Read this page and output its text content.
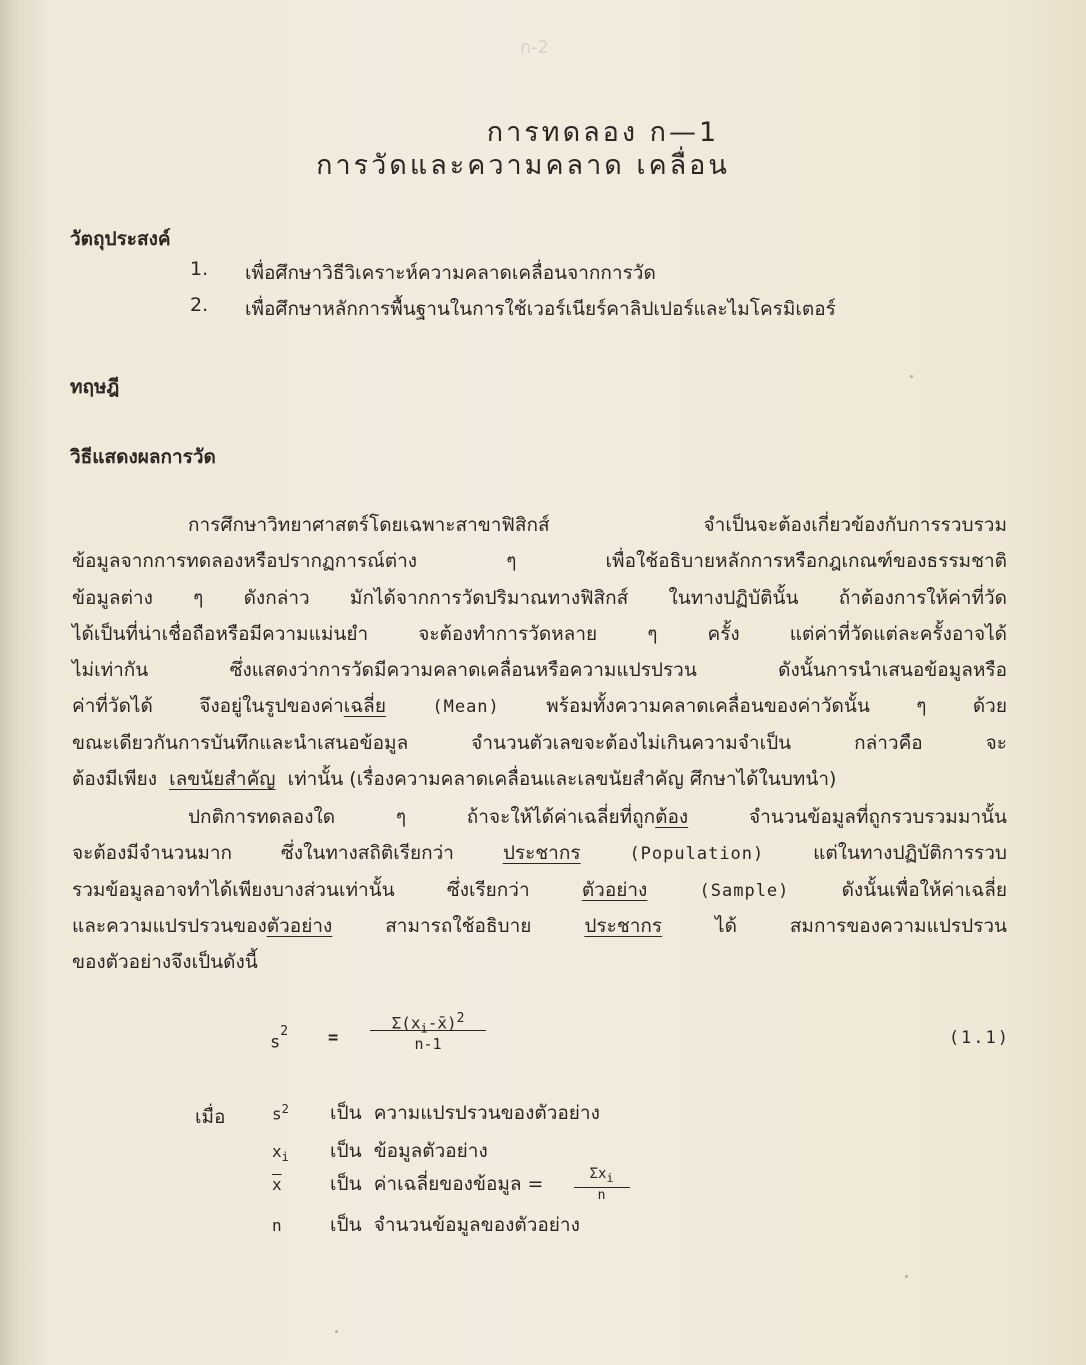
ก-2
การทดลอง ก—1
การวัดและความคลาด เคลื่อน
วัตถุประสงค์
1.	เพื่อศึกษาวิธีวิเคราะห์ความคลาดเคลื่อนจากการวัด
2.	เพื่อศึกษาหลักการพื้นฐานในการใช้เวอร์เนียร์คาลิปเปอร์และไมโครมิเตอร์
ทฤษฎี
วิธีแสดงผลการวัด
การศึกษาวิทยาศาสตร์โดยเฉพาะสาขาฟิสิกส์ จำเป็นจะต้องเกี่ยวข้องกับการรวบรวม
ข้อมูลจากการทดลองหรือปรากฏการณ์ต่าง ๆ เพื่อใช้อธิบายหลักการหรือกฎเกณฑ์ของธรรมชาติ
ข้อมูลต่าง ๆ ดังกล่าว มักได้จากการวัดปริมาณทางฟิสิกส์ ในทางปฏิบัตินั้น ถ้าต้องการให้ค่าที่วัด
ได้เป็นที่น่าเชื่อถือหรือมีความแม่นยำ จะต้องทำการวัดหลาย ๆ ครั้ง แต่ค่าที่วัดแต่ละครั้งอาจได้
ไม่เท่ากัน ซึ่งแสดงว่าการวัดมีความคลาดเคลื่อนหรือความแปรปรวน ดังนั้นการนำเสนอข้อมูลหรือ
ค่าที่วัดได้ จึงอยู่ในรูปของค่าเฉลี่ย	(Mean) พร้อมทั้งความคลาดเคลื่อนของค่าวัดนั้น ๆ ด้วย
ขณะเดียวกันการบันทึกและนำเสนอข้อมูล จำนวนตัวเลขจะต้องไม่เกินความจำเป็น กล่าวคือ จะ
ต้องมีเพียง เลขนัยสำคัญ เท่านั้น (เรื่องความคลาดเคลื่อนและเลขนัยสำคัญ ศึกษาได้ในบทนำ)
ปกติการทดลองใด ๆ ถ้าจะให้ได้ค่าเฉลี่ยที่ถูกต้อง	จำนวนข้อมูลที่ถูกรวบรวมมานั้น
จะต้องมีจำนวนมาก ซึ่งในทางสถิติเรียกว่า	ประชากร	(Population)	แต่ในทางปฏิบัติการรวบ
รวมข้อมูลอาจทำได้เพียงบางส่วนเท่านั้น ซึ่งเรียกว่า	ตัวอย่าง	(Sample)	ดังนั้นเพื่อให้ค่าเฉลี่ย
และความแปรปรวนของตัวอย่าง	สามารถใช้อธิบาย	ประชากร	ได้ สมการของความแปรปรวน
ของตัวอย่างจึงเป็นดังนี้
$s^2$ =
$\Sigma(x_i-x̄)^2$
n-1	(1.1)
เมื่อ	$s^2$ เป็น ความแปรปรวนของตัวอย่าง
$x_i$ เป็น ข้อมูลตัวอย่าง
$\overline{x}$	เป็น ค่าเฉลี่ยของข้อมูล = $\frac{\Sigma x_i}{n}$
n	เป็น จำนวนข้อมูลของตัวอย่าง
